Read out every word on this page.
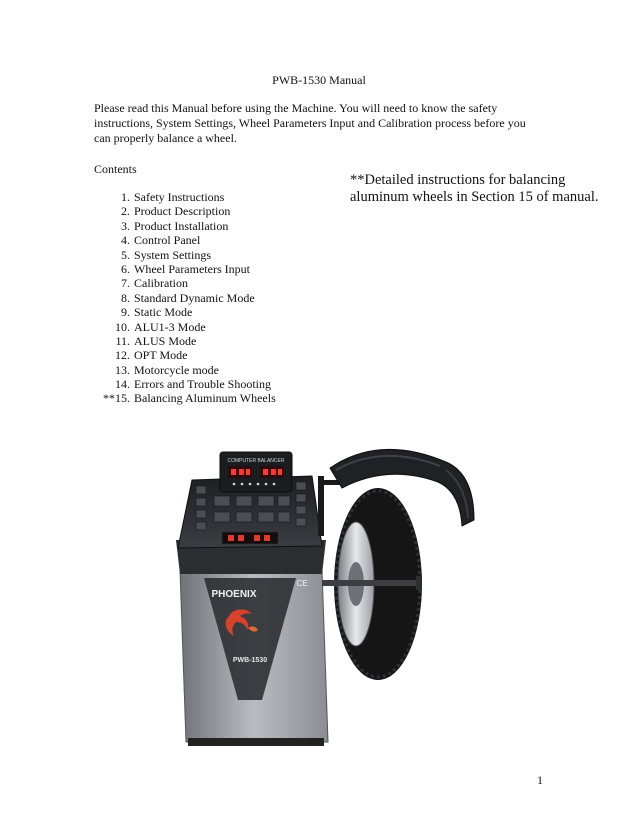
PWB-1530 Manual

Please read this Manual before using the Machine. You will need to know the safety
instructions, System Settings, Wheel Parameters Input and Calibration process before you
can properly balance a wheel.

Contents
1. Safety Instructions
2. Product Description
3. Product Installation
4. Control Panel
5. System Settings
6. Wheel Parameters Input
7. Calibration
8. Standard Dynamic Mode
9. Static Mode
10. ALU1-3 Mode
11. ALUS Mode
12. OPT Mode
13. Motorcycle mode
14. Errors and Trouble Shooting
**15. Balancing Aluminum Wheels
**Detailed instructions for balancing
aluminum wheels in Section 15 of manual.
COMPUTER BALANCER
PHOENIX
PWB-1530
CE
1
